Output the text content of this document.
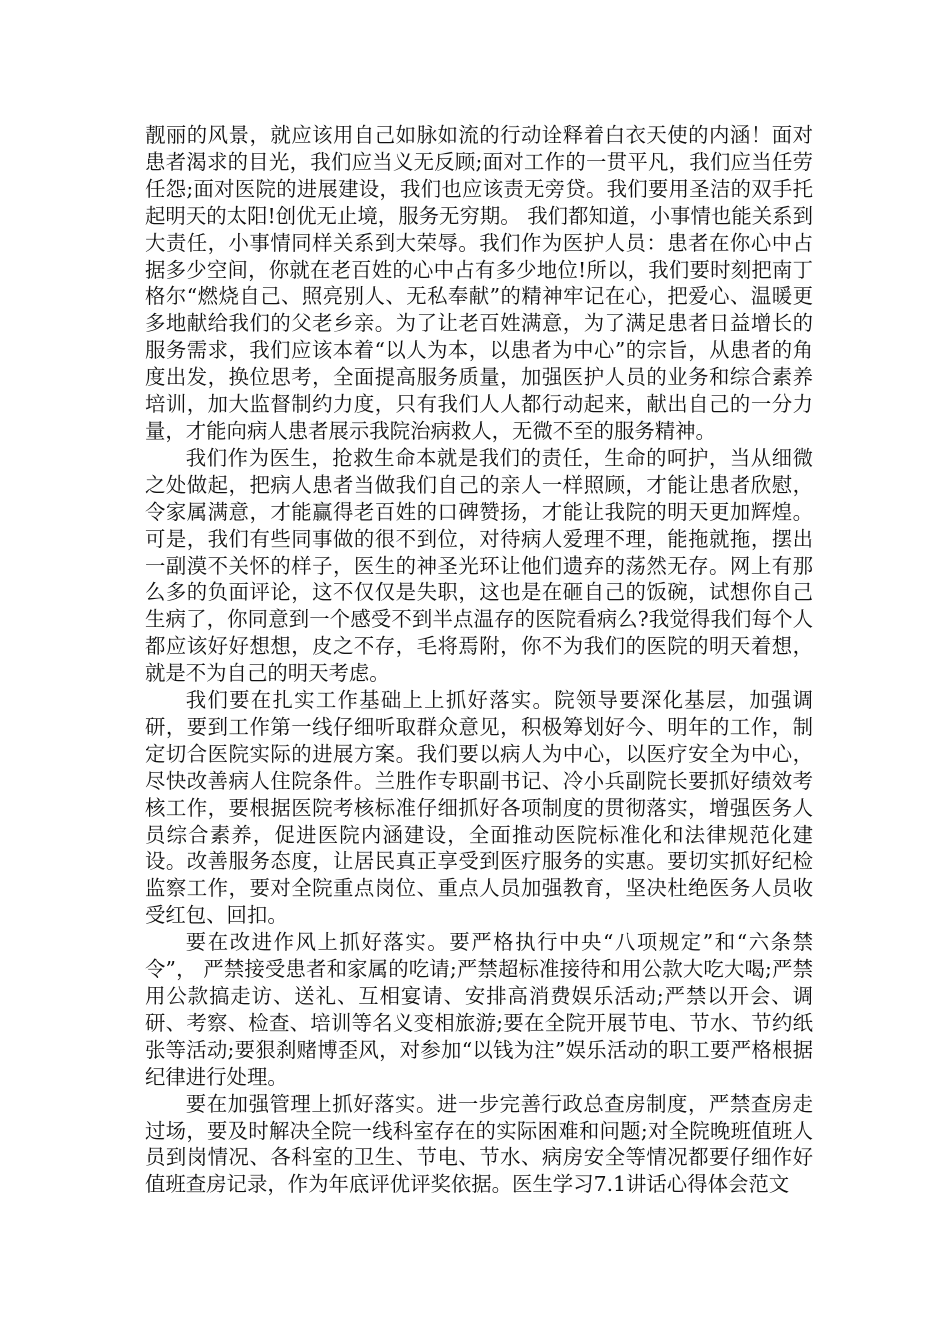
靓丽的风景，就应该用自己如脉如流的行动诠释着白衣天使的内涵！面对患者渴求的目光，我们应当义无反顾;面对工作的一贯平凡，我们应当任劳任怨;面对医院的进展建设，我们也应该责无旁贷。我们要用圣洁的双手托起明天的太阳!创优无止境，服务无穷期。 我们都知道，小事情也能关系到大责任，小事情同样关系到大荣辱。我们作为医护人员：患者在你心中占据多少空间，你就在老百姓的心中占有多少地位!所以，我们要时刻把南丁格尔“燃烧自己、照亮别人、无私奉献”的精神牢记在心，把爱心、温暖更多地献给我们的父老乡亲。为了让老百姓满意，为了满足患者日益增长的服务需求，我们应该本着“以人为本，以患者为中心”的宗旨，从患者的角度出发，换位思考，全面提高服务质量，加强医护人员的业务和综合素养培训，加大监督制约力度，只有我们人人都行动起来，献出自己的一分力量，才能向病人患者展示我院治病救人，无微不至的服务精神。

我们作为医生，抢救生命本就是我们的责任，生命的呵护，当从细微之处做起，把病人患者当做我们自己的亲人一样照顾，才能让患者欣慰，令家属满意，才能赢得老百姓的口碑赞扬，才能让我院的明天更加辉煌。可是，我们有些同事做的很不到位，对待病人爱理不理，能拖就拖，摆出一副漠不关怀的样子，医生的神圣光环让他们遗弃的荡然无存。网上有那么多的负面评论，这不仅仅是失职，这也是在砸自己的饭碗，试想你自己生病了，你同意到一个感受不到半点温存的医院看病么?我觉得我们每个人都应该好好想想，皮之不存，毛将焉附，你不为我们的医院的明天着想，就是不为自己的明天考虑。

我们要在扎实工作基础上上抓好落实。院领导要深化基层，加强调研，要到工作第一线仔细听取群众意见，积极筹划好今、明年的工作，制定切合医院实际的进展方案。我们要以病人为中心，以医疗安全为中心，尽快改善病人住院条件。兰胜作专职副书记、冷小兵副院长要抓好绩效考核工作，要根据医院考核标准仔细抓好各项制度的贯彻落实，增强医务人员综合素养，促进医院内涵建设，全面推动医院标准化和法律规范化建设。改善服务态度，让居民真正享受到医疗服务的实惠。要切实抓好纪检监察工作，要对全院重点岗位、重点人员加强教育，坚决杜绝医务人员收受红包、回扣。

要在改进作风上抓好落实。要严格执行中央“八项规定”和“六条禁令”， 严禁接受患者和家属的吃请;严禁超标准接待和用公款大吃大喝;严禁用公款搞走访、送礼、互相宴请、安排高消费娱乐活动;严禁以开会、调研、考察、检查、培训等名义变相旅游;要在全院开展节电、节水、节约纸张等活动;要狠刹赌博歪风，对参加“以钱为注”娱乐活动的职工要严格根据纪律进行处理。

要在加强管理上抓好落实。进一步完善行政总查房制度，严禁查房走过场，要及时解决全院一线科室存在的实际困难和问题;对全院晚班值班人员到岗情况、各科室的卫生、节电、节水、病房安全等情况都要仔细作好值班查房记录，作为年底评优评奖依据。医生学习7.1讲话心得体会范文
